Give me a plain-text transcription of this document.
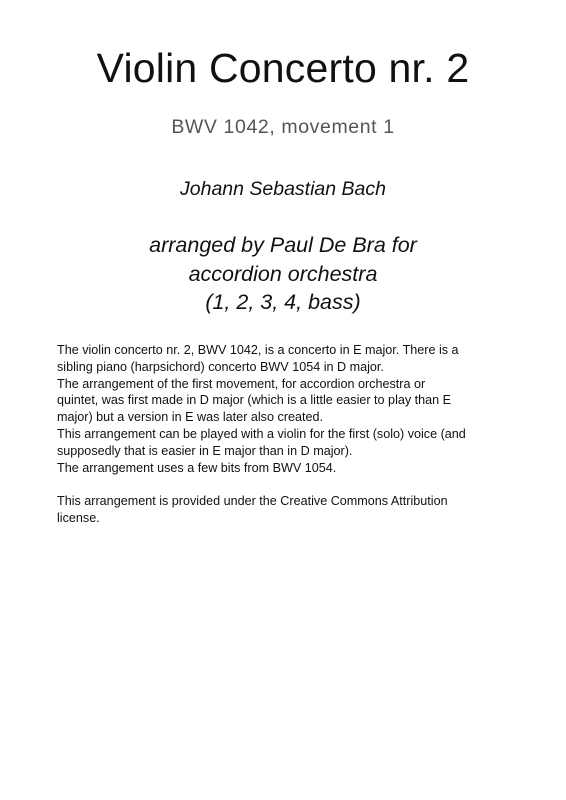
Violin Concerto nr. 2
BWV 1042, movement 1
Johann Sebastian Bach
arranged by Paul De Bra for
accordion orchestra
(1, 2, 3, 4, bass)

The violin concerto nr. 2, BWV 1042, is a concerto in E major. There is a

sibling piano (harpsichord) concerto BWV 1054 in D major.

The arrangement of the first movement, for accordion orchestra or

quintet, was first made in D major (which is a little easier to play than E

major) but a version in E was later also created.

This arrangement can be played with a violin for the first (solo) voice (and

supposedly that is easier in E major than in D major).

The arrangement uses a few bits from BWV 1054.

This arrangement is provided under the Creative Commons Attribution

license.
